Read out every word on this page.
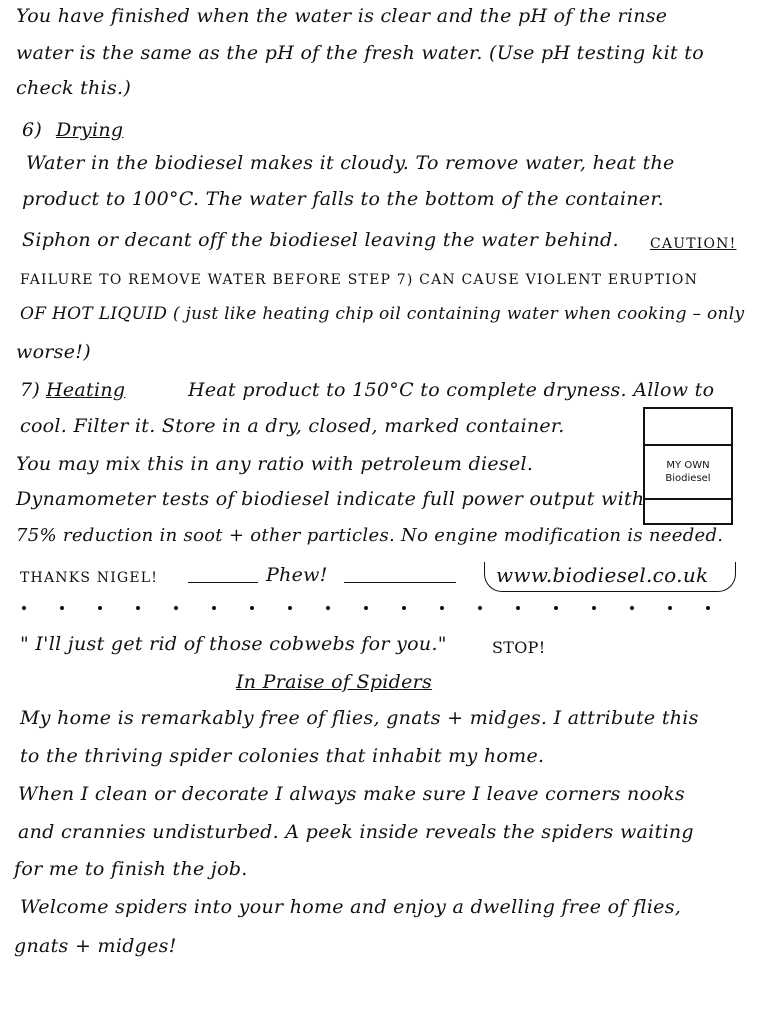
You have finished when the water is clear and the pH of the rinse
water is the same as the pH of the fresh water. (Use pH testing kit to
check this.)
6) Drying
Water in the biodiesel makes it cloudy. To remove water, heat the
product to 100°C. The water falls to the bottom of the container.
Siphon or decant off the biodiesel leaving the water behind. CAUTION!
FAILURE TO REMOVE WATER BEFORE STEP 7) CAN CAUSE VIOLENT ERUPTION
OF HOT LIQUID ( just like heating chip oil containing water when cooking – only
worse!)
7) Heating	Heat product to 150°C to complete dryness. Allow to
cool. Filter it. Store in a dry, closed, marked container.
You may mix this in any ratio with petroleum diesel.
Dynamometer tests of biodiesel indicate full power output with
75% reduction in soot + other particles. No engine modification is needed.
MY OWN
Biodiesel
THANKS NIGEL!	Phew!	www.biodiesel.co.uk
" I'll just get rid of those cobwebs for you."	STOP!
In Praise of Spiders
My home is remarkably free of flies, gnats + midges. I attribute this
to the thriving spider colonies that inhabit my home.
When I clean or decorate I always make sure I leave corners nooks
and crannies undisturbed. A peek inside reveals the spiders waiting
for me to finish the job.
Welcome spiders into your home and enjoy a dwelling free of flies,
gnats + midges!
